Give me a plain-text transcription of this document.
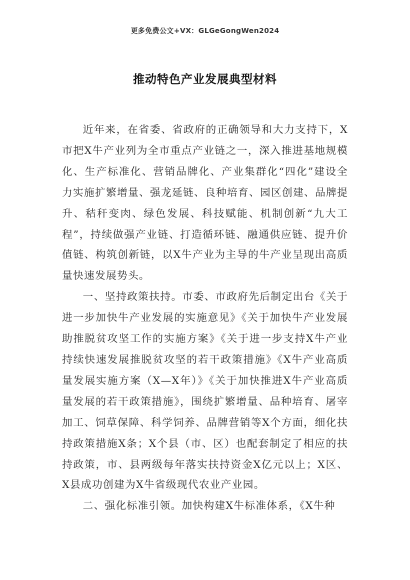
更多免费公文+VX：GLGeGongWen2024
推动特色产业发展典型材料

近年来，在省委、省政府的正确领导和大力支持下，X市把X牛产业列为全市重点产业链之一，深入推进基地规模化、生产标准化、营销品牌化、产业集群化“四化”建设全力实施扩繁增量、强龙延链、良种培育、园区创建、品牌提升、秸秆变肉、绿色发展、科技赋能、机制创新“九大工程”，持续做强产业链、打造循环链、融通供应链、提升价值链、构筑创新链，以X牛产业为主导的牛产业呈现出高质量快速发展势头。

一、坚持政策扶持。市委、市政府先后制定出台《关于进一步加快牛产业发展的实施意见》《关于加快牛产业发展助推脱贫攻坚工作的实施方案》《关于进一步支持X牛产业持续快速发展推脱贫攻坚的若干政策措施》《X牛产业高质量发展实施方案（X—X年）》《关于加快推进X牛产业高质量发展的若干政策措施》，围绕扩繁增量、品种培育、屠宰加工、饲草保障、科学饲养、品牌营销等X个方面，细化扶持政策措施X条；X个县（市、区）也配套制定了相应的扶持政策，市、县两级每年落实扶持资金X亿元以上；X区、X县成功创建为X牛省级现代农业产业园。

二、强化标准引领。加快构建X牛标准体系，《X牛种
